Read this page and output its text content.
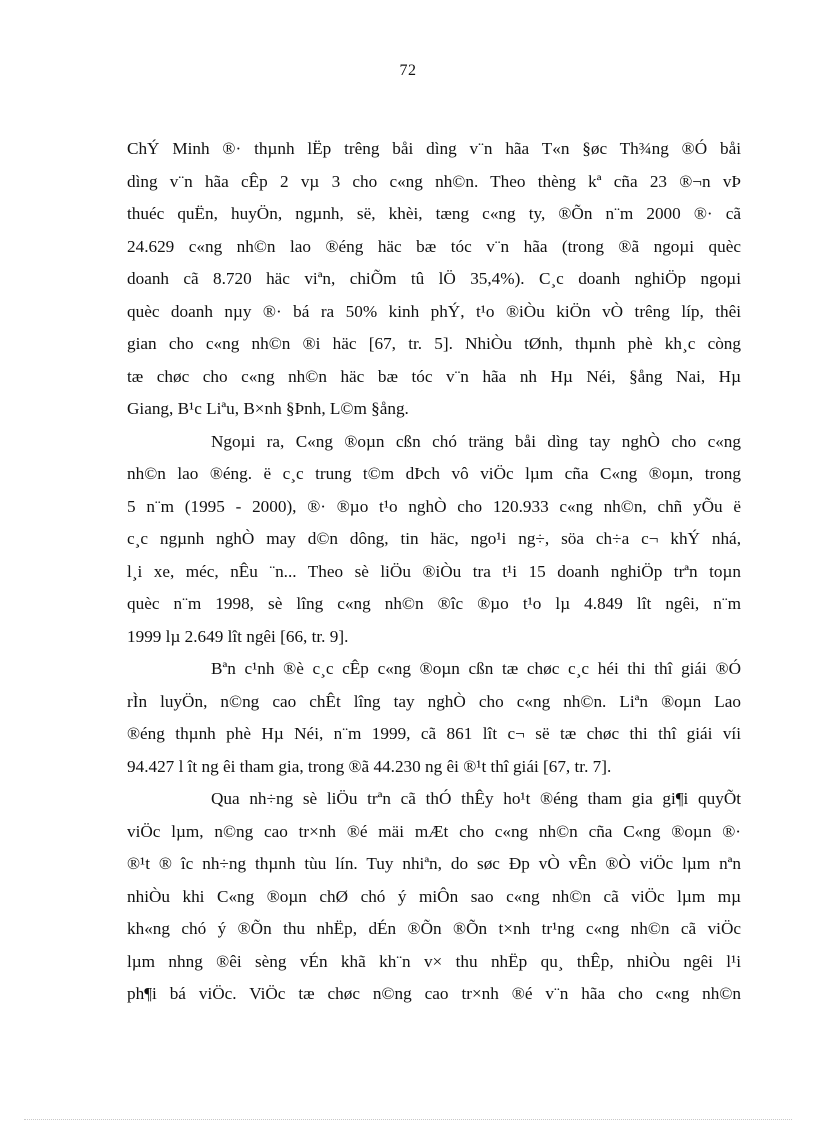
72

ChÝ Minh ®· thµnh lËp trêng båi dìng v¨n hãa T«n §øc Th¾ng ®Ó båi
dìng v¨n hãa cÊp 2 vµ 3 cho c«ng nh©n. Theo thèng kª cña 23 ®¬n vÞ
thuéc quËn, huyÖn, ngµnh, së, khèi, tæng c«ng ty, ®Õn n¨m 2000 ®· cã
24.629 c«ng nh©n lao ®éng häc bæ tóc v¨n hãa (trong ®ã ngoµi quèc
doanh cã 8.720 häc viªn, chiÕm tû lÖ 35,4%). C¸c doanh nghiÖp ngoµi
quèc doanh nµy ®· bá ra 50% kinh phÝ, t¹o ®iÒu kiÖn vÒ trêng líp, thêi
gian cho c«ng nh©n ®i häc [67, tr. 5]. NhiÒu tØnh, thµnh phè kh¸c còng
tæ chøc cho c«ng nh©n häc bæ tóc v¨n hãa nh Hµ Néi, §ång Nai, Hµ
Giang, B¹c Liªu, B×nh §Þnh, L©m §ång.

Ngoµi ra, C«ng ®oµn cßn chó träng båi dìng tay nghÒ cho c«ng
nh©n lao ®éng. ë c¸c trung t©m dÞch vô viÖc lµm cña C«ng ®oµn, trong
5 n¨m (1995 - 2000), ®· ®µo t¹o nghÒ cho 120.933 c«ng nh©n, chñ yÕu ë
c¸c ngµnh nghÒ may d©n dông, tin häc, ngo¹i ng÷, söa ch÷a c¬ khÝ nhá,
l¸i xe, méc, nÊu ¨n... Theo sè liÖu ®iÒu tra t¹i 15 doanh nghiÖp trªn toµn
quèc n¨m 1998, sè lîng c«ng nh©n ®îc ®µo t¹o lµ 4.849 lît ngêi, n¨m
1999 lµ 2.649 lît ngêi [66, tr. 9].

Bªn c¹nh ®è c¸c cÊp c«ng ®oµn cßn tæ chøc c¸c héi thi thî giái ®Ó
rÌn luyÖn, n©ng cao chÊt lîng tay nghÒ cho c«ng nh©n. Liªn ®oµn Lao
®éng thµnh phè Hµ Néi, n¨m 1999, cã 861 lît c¬ së tæ chøc thi thî giái víi
94.427 l ît ng êi tham gia, trong ®ã 44.230 ng êi ®¹t thî giái [67, tr. 7].

Qua nh÷ng sè liÖu trªn cã thÓ thÊy ho¹t ®éng tham gia gi¶i quyÕt
viÖc lµm, n©ng cao tr×nh ®é mäi mÆt cho c«ng nh©n cña C«ng ®oµn ®·
®¹t ® îc nh÷ng thµnh tùu lín. Tuy nhiªn, do søc Ðp vÒ vÊn ®Ò viÖc lµm nªn
nhiÒu khi C«ng ®oµn chØ chó ý miÔn sao c«ng nh©n cã viÖc lµm mµ
kh«ng chó ý ®Õn thu nhËp, dÉn ®Õn ®Õn t×nh tr¹ng c«ng nh©n cã viÖc
lµm nhng ®êi sèng vÉn khã kh¨n v× thu nhËp qu¸ thÊp, nhiÒu ngêi l¹i
ph¶i bá viÖc. ViÖc tæ chøc n©ng cao tr×nh ®é v¨n hãa cho c«ng nh©n
